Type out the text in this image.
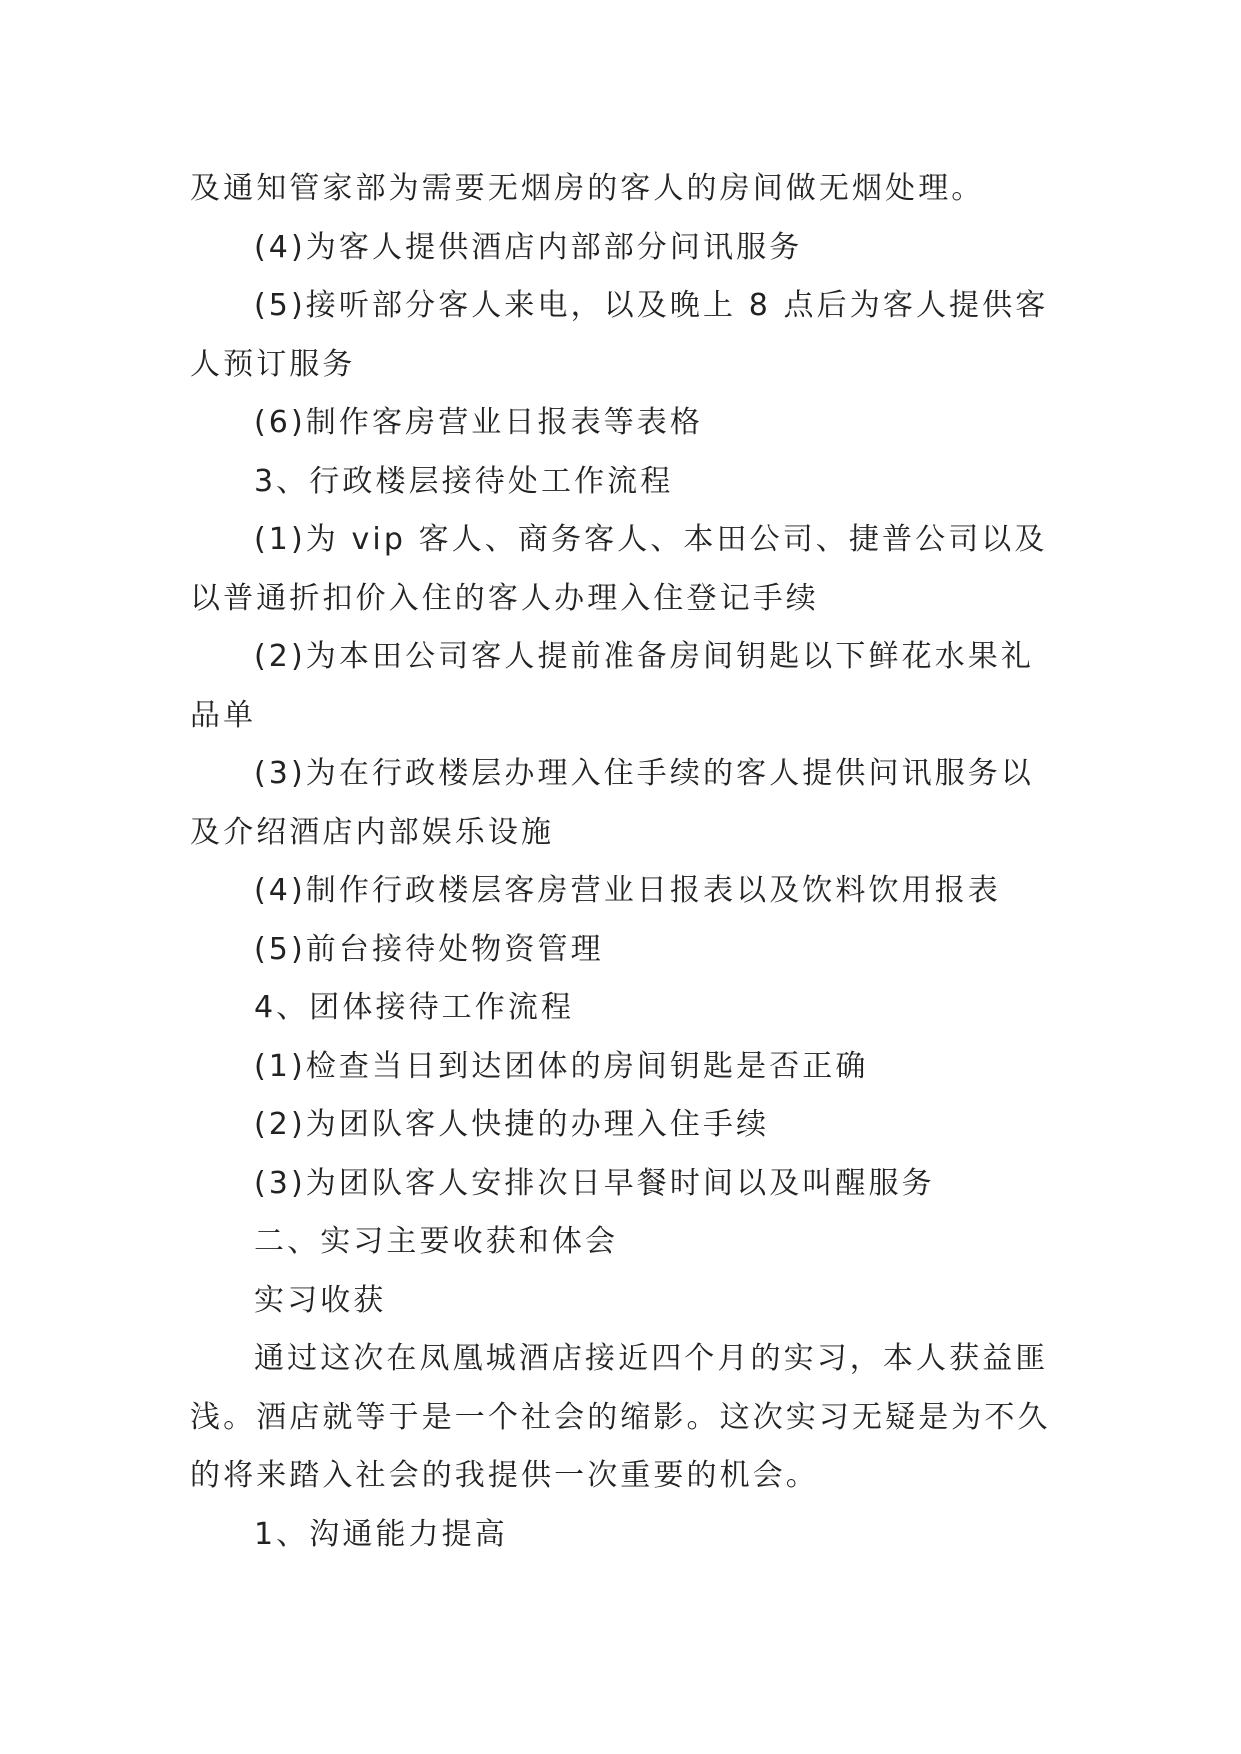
及通知管家部为需要无烟房的客人的房间做无烟处理。
(4)为客人提供酒店内部部分问讯服务
(5)接听部分客人来电，以及晚上 8 点后为客人提供客
人预订服务
(6)制作客房营业日报表等表格
3、行政楼层接待处工作流程
(1)为 vip 客人、商务客人、本田公司、捷普公司以及
以普通折扣价入住的客人办理入住登记手续
(2)为本田公司客人提前准备房间钥匙以下鲜花水果礼
品单
(3)为在行政楼层办理入住手续的客人提供问讯服务以
及介绍酒店内部娱乐设施
(4)制作行政楼层客房营业日报表以及饮料饮用报表
(5)前台接待处物资管理
4、团体接待工作流程
(1)检查当日到达团体的房间钥匙是否正确
(2)为团队客人快捷的办理入住手续
(3)为团队客人安排次日早餐时间以及叫醒服务
二、实习主要收获和体会
实习收获
通过这次在凤凰城酒店接近四个月的实习，本人获益匪
浅。酒店就等于是一个社会的缩影。这次实习无疑是为不久
的将来踏入社会的我提供一次重要的机会。
1、沟通能力提高
